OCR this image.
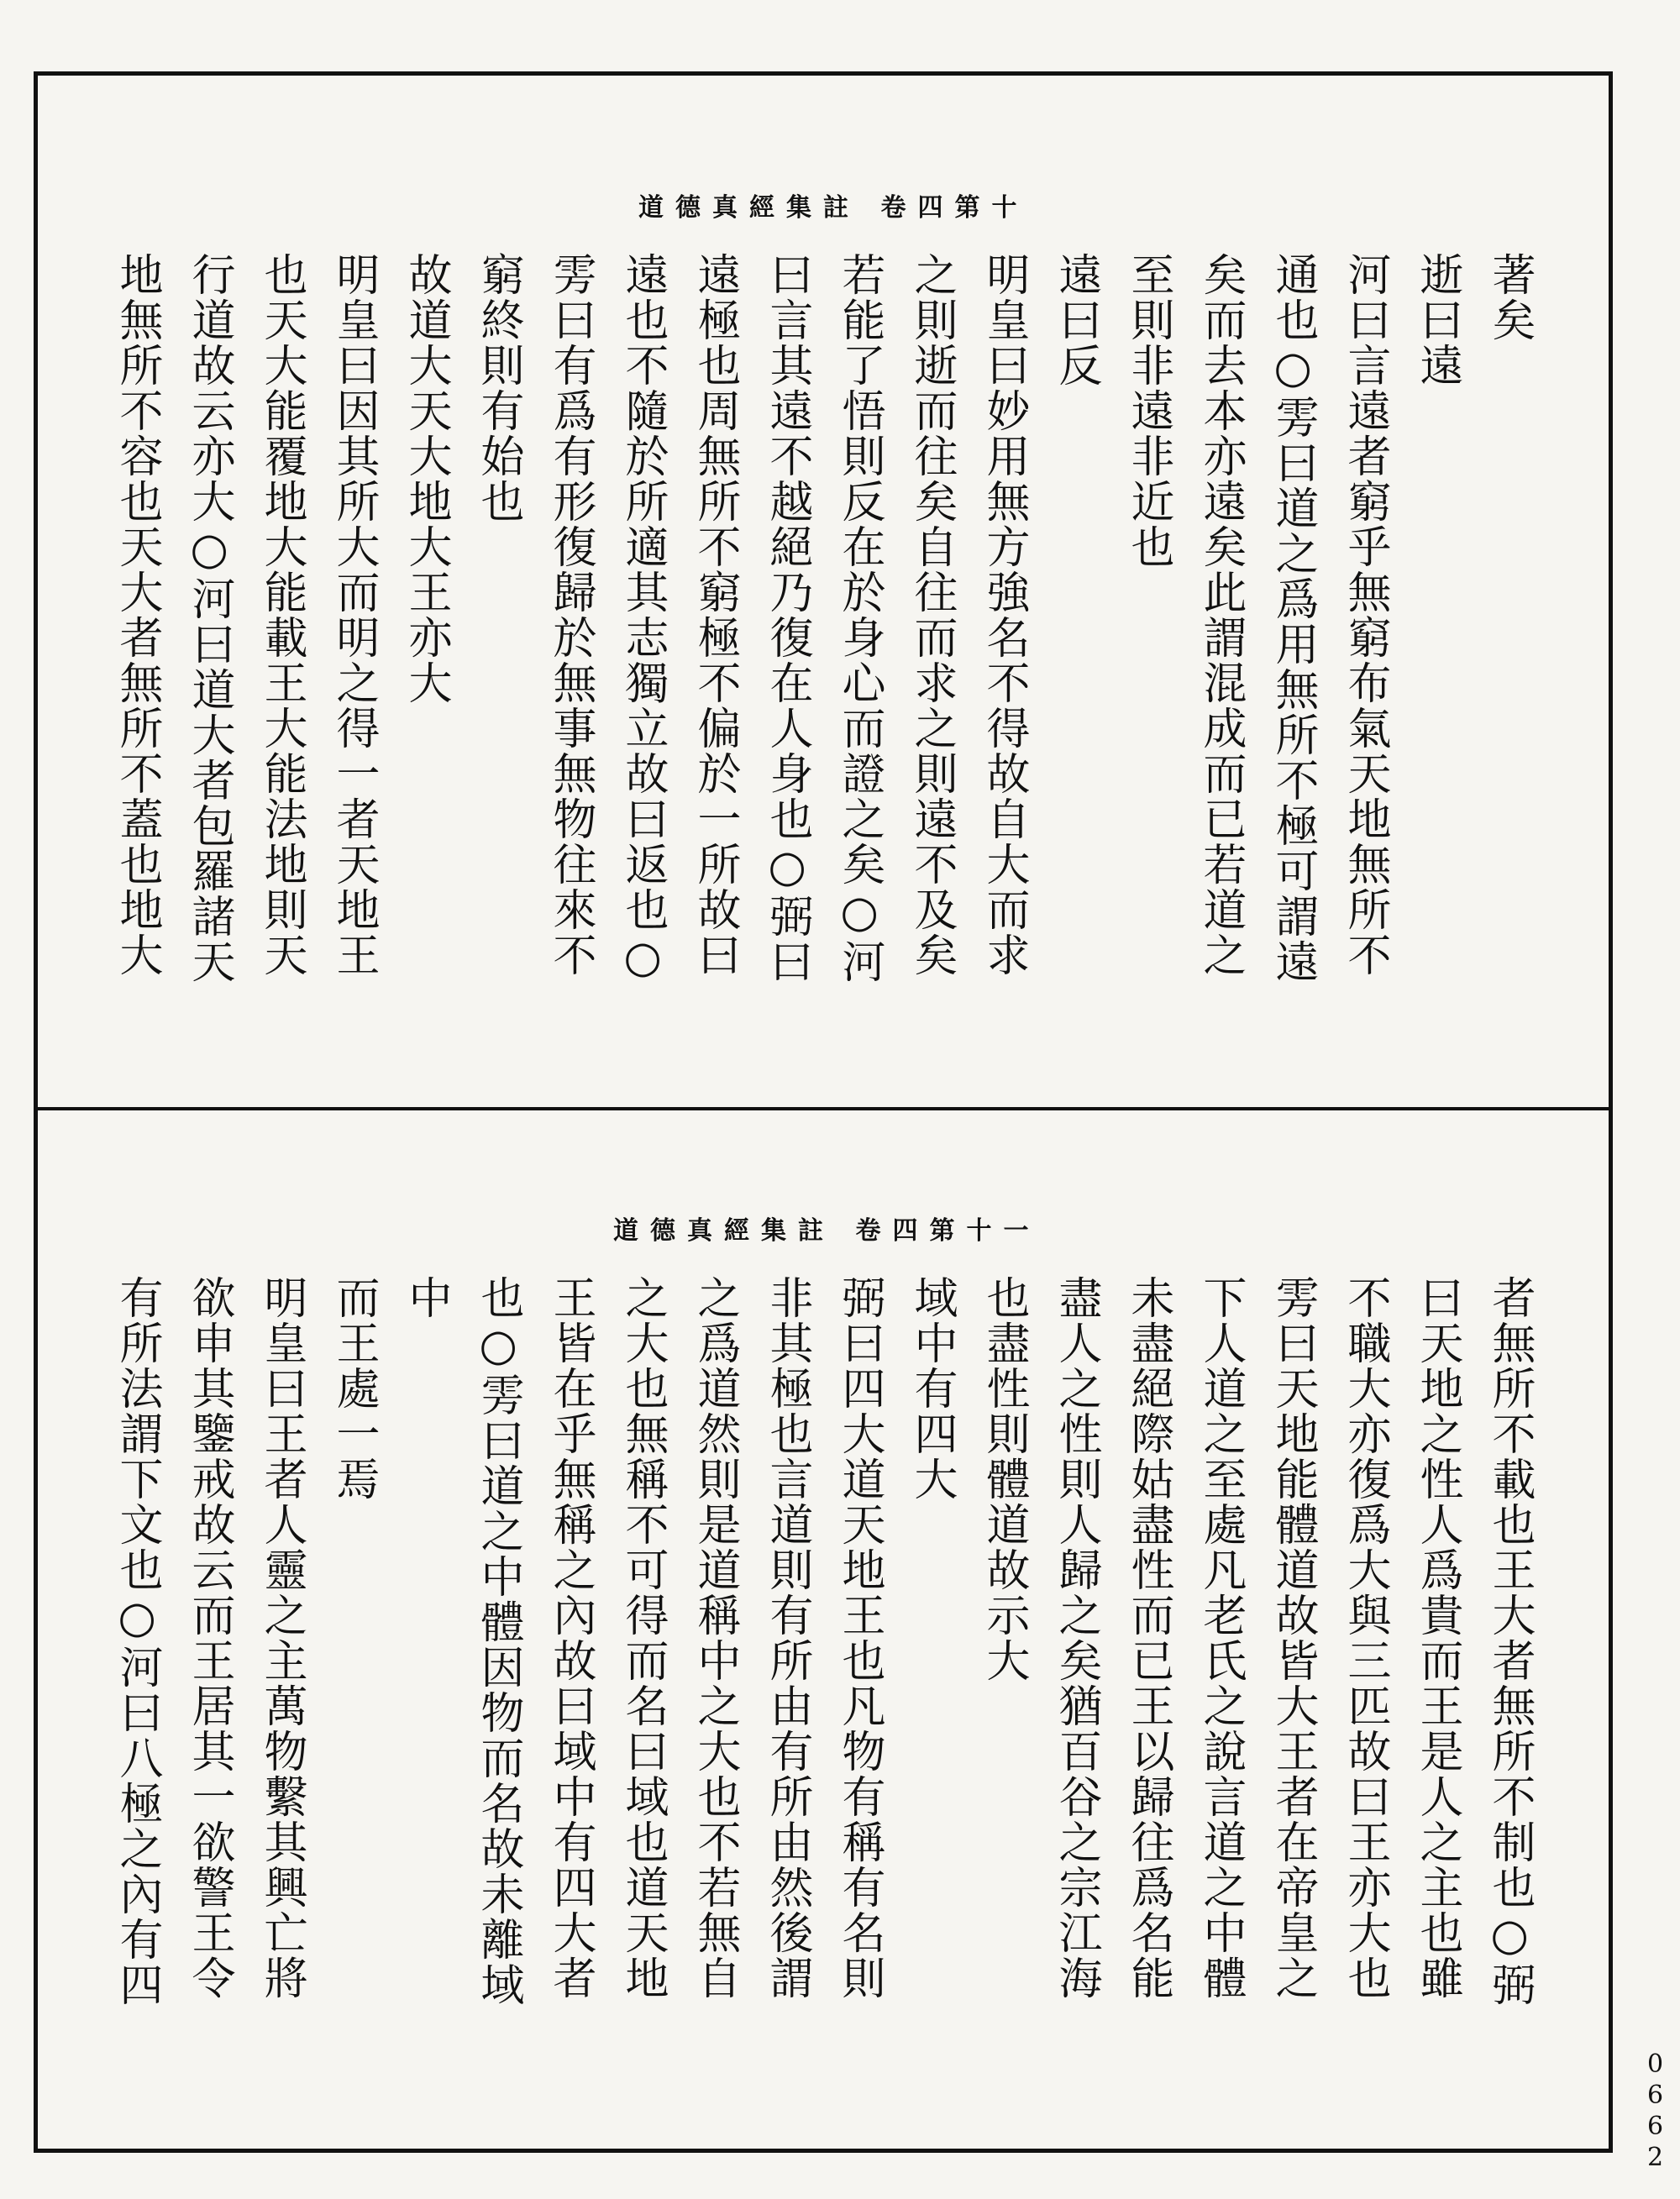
道德真經集註 卷四第十
著矣
逝曰遠
河曰言遠者窮乎無窮布氣天地無所不
通也○雱曰道之爲用無所不極可謂遠
矣而去本亦遠矣此謂混成而已若道之
至則非遠非近也
遠曰反
明皇曰妙用無方強名不得故自大而求
之則逝而往矣自往而求之則遠不及矣
若能了悟則反在於身心而證之矣○河
曰言其遠不越絕乃復在人身也○弼曰
遠極也周無所不窮極不偏於一所故曰
遠也不隨於所適其志獨立故曰返也○
雱曰有爲有形復歸於無事無物往來不
窮終則有始也
故道大天大地大王亦大
明皇曰因其所大而明之得一者天地王
也天大能覆地大能載王大能法地則天
行道故云亦大○河曰道大者包羅諸天
地無所不容也天大者無所不蓋也地大
道德真經集註 卷四第十一
者無所不載也王大者無所不制也○弼
曰天地之性人爲貴而王是人之主也雖
不職大亦復爲大與三匹故曰王亦大也
雱曰天地能體道故皆大王者在帝皇之
下人道之至處凡老氏之說言道之中體
未盡絕際姑盡性而已王以歸往爲名能
盡人之性則人歸之矣猶百谷之宗江海
也盡性則體道故示大
域中有四大
弼曰四大道天地王也凡物有稱有名則
非其極也言道則有所由有所由然後謂
之爲道然則是道稱中之大也不若無自
之大也無稱不可得而名曰域也道天地
王皆在乎無稱之內故曰域中有四大者
也○雱曰道之中體因物而名故未離域
中
而王處一焉
明皇曰王者人靈之主萬物繫其興亡將
欲申其鑒戒故云而王居其一欲警王令
有所法謂下文也○河曰八極之內有四
0662
